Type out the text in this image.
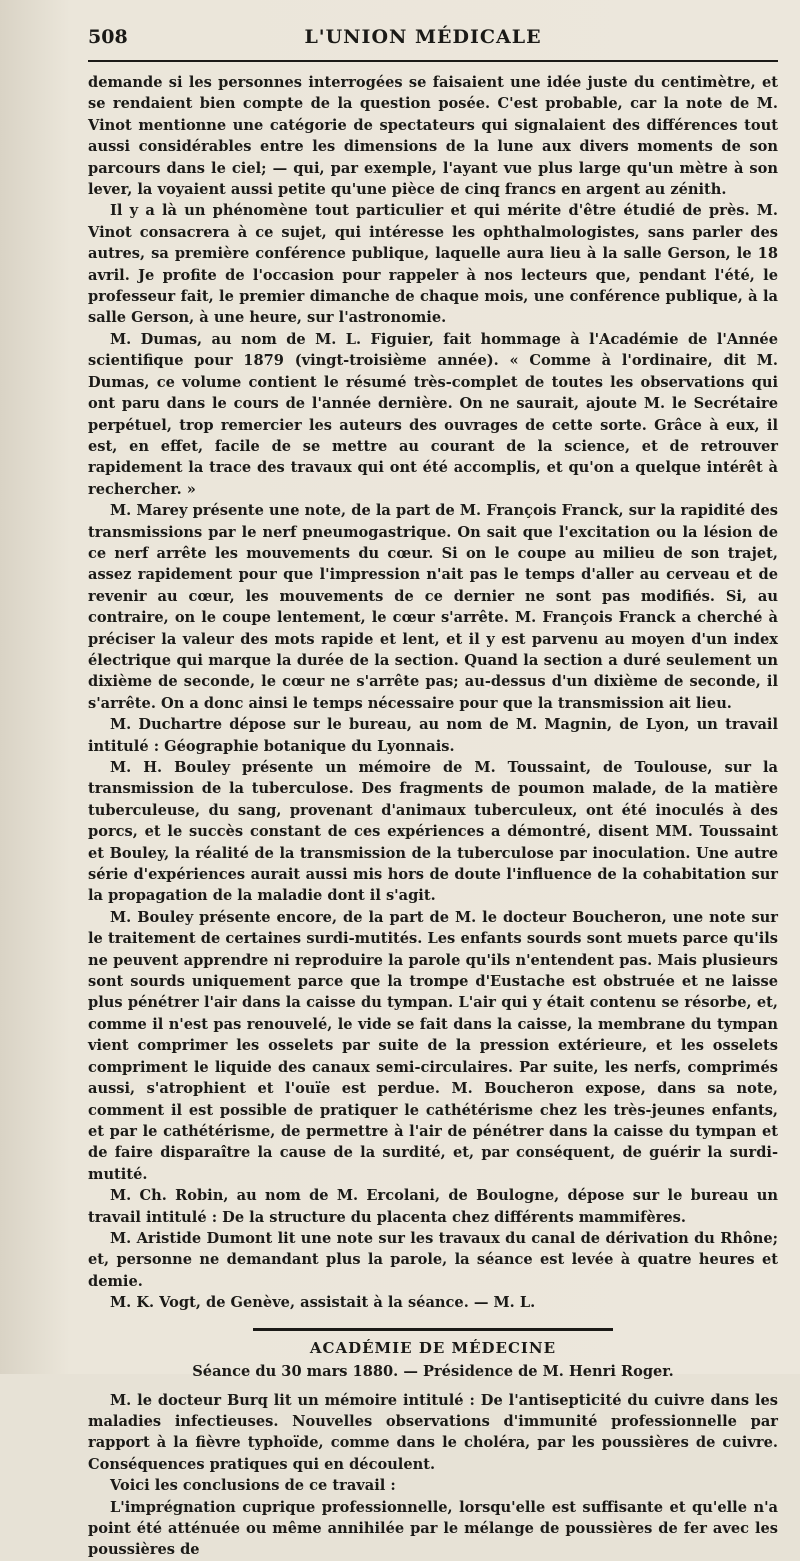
508	L'UNION MÉDICALE

demande si les personnes interrogées se faisaient une idée juste du centimètre, et se rendaient bien compte de la question posée. C'est probable, car la note de M. Vinot mentionne une catégorie de spectateurs qui signalaient des différences tout aussi considérables entre les dimensions de la lune aux divers moments de son parcours dans le ciel; — qui, par exemple, l'ayant vue plus large qu'un mètre à son lever, la voyaient aussi petite qu'une pièce de cinq francs en argent au zénith.

Il y a là un phénomène tout particulier et qui mérite d'être étudié de près. M. Vinot consacrera à ce sujet, qui intéresse les ophthalmologistes, sans parler des autres, sa première conférence publique, laquelle aura lieu à la salle Gerson, le 18 avril. Je profite de l'occasion pour rappeler à nos lecteurs que, pendant l'été, le professeur fait, le premier dimanche de chaque mois, une conférence publique, à la salle Gerson, à une heure, sur l'astronomie.

M. Dumas, au nom de M. L. Figuier, fait hommage à l'Académie de l'Année scientifique pour 1879 (vingt-troisième année). « Comme à l'ordinaire, dit M. Dumas, ce volume contient le résumé très-complet de toutes les observations qui ont paru dans le cours de l'année dernière. On ne saurait, ajoute M. le Secrétaire perpétuel, trop remercier les auteurs des ouvrages de cette sorte. Grâce à eux, il est, en effet, facile de se mettre au courant de la science, et de retrouver rapidement la trace des travaux qui ont été accomplis, et qu'on a quelque intérêt à rechercher. »

M. Marey présente une note, de la part de M. François Franck, sur la rapidité des transmissions par le nerf pneumogastrique. On sait que l'excitation ou la lésion de ce nerf arrête les mouvements du cœur. Si on le coupe au milieu de son trajet, assez rapidement pour que l'impression n'ait pas le temps d'aller au cerveau et de revenir au cœur, les mouvements de ce dernier ne sont pas modifiés. Si, au contraire, on le coupe lentement, le cœur s'arrête. M. François Franck a cherché à préciser la valeur des mots rapide et lent, et il y est parvenu au moyen d'un index électrique qui marque la durée de la section. Quand la section a duré seulement un dixième de seconde, le cœur ne s'arrête pas; au-dessus d'un dixième de seconde, il s'arrête. On a donc ainsi le temps nécessaire pour que la transmission ait lieu.

M. Duchartre dépose sur le bureau, au nom de M. Magnin, de Lyon, un travail intitulé : Géographie botanique du Lyonnais.

M. H. Bouley présente un mémoire de M. Toussaint, de Toulouse, sur la transmission de la tuberculose. Des fragments de poumon malade, de la matière tuberculeuse, du sang, provenant d'animaux tuberculeux, ont été inoculés à des porcs, et le succès constant de ces expériences a démontré, disent MM. Toussaint et Bouley, la réalité de la transmission de la tuberculose par inoculation. Une autre série d'expériences aurait aussi mis hors de doute l'influence de la cohabitation sur la propagation de la maladie dont il s'agit.

M. Bouley présente encore, de la part de M. le docteur Boucheron, une note sur le traitement de certaines surdi-mutités. Les enfants sourds sont muets parce qu'ils ne peuvent apprendre ni reproduire la parole qu'ils n'entendent pas. Mais plusieurs sont sourds uniquement parce que la trompe d'Eustache est obstruée et ne laisse plus pénétrer l'air dans la caisse du tympan. L'air qui y était contenu se résorbe, et, comme il n'est pas renouvelé, le vide se fait dans la caisse, la membrane du tympan vient comprimer les osselets par suite de la pression extérieure, et les osselets compriment le liquide des canaux semi-circulaires. Par suite, les nerfs, comprimés aussi, s'atrophient et l'ouïe est perdue. M. Boucheron expose, dans sa note, comment il est possible de pratiquer le cathétérisme chez les très-jeunes enfants, et par le cathétérisme, de permettre à l'air de pénétrer dans la caisse du tympan et de faire disparaître la cause de la surdité, et, par conséquent, de guérir la surdi-mutité.

M. Ch. Robin, au nom de M. Ercolani, de Boulogne, dépose sur le bureau un travail intitulé : De la structure du placenta chez différents mammifères.

M. Aristide Dumont lit une note sur les travaux du canal de dérivation du Rhône; et, personne ne demandant plus la parole, la séance est levée à quatre heures et demie.

M. K. Vogt, de Genève, assistait à la séance. — M. L.

ACADÉMIE DE MÉDECINE
Séance du 30 mars 1880. — Présidence de M. Henri Roger.

M. le docteur Burq lit un mémoire intitulé : De l'antisepticité du cuivre dans les maladies infectieuses. Nouvelles observations d'immunité professionnelle par rapport à la fièvre typhoïde, comme dans le choléra, par les poussières de cuivre. Conséquences pratiques qui en découlent.

Voici les conclusions de ce travail :

L'imprégnation cuprique professionnelle, lorsqu'elle est suffisante et qu'elle n'a point été atténuée ou même annihilée par le mélange de poussières de fer avec les poussières de
